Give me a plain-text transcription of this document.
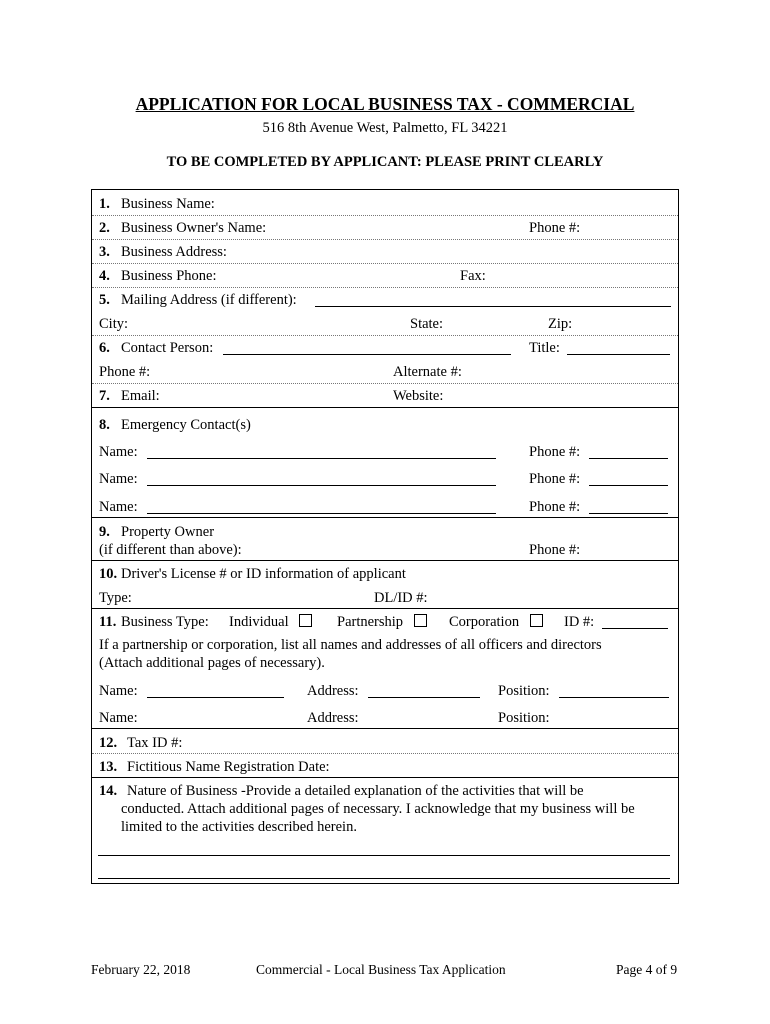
APPLICATION FOR LOCAL BUSINESS TAX - COMMERCIAL
516 8th Avenue West, Palmetto, FL 34221
TO BE COMPLETED BY APPLICANT: PLEASE PRINT CLEARLY
1. Business Name:
2. Business Owner's Name:	Phone #:
3. Business Address:
4. Business Phone:	Fax:
5. Mailing Address (if different):
City:	State:	Zip:
6. Contact Person:	Title:
Phone #:	Alternate #:
7. Email:	Website:
8. Emergency Contact(s)
Name:	Phone #:
Name:	Phone #:
Name:	Phone #:
9. Property Owner
(if different than above):	Phone #:
10. Driver's License # or ID information of applicant
Type:	DL/ID #:
11. Business Type: Individual	Partnership	Corporation	ID #:
If a partnership or corporation, list all names and addresses of all officers and directors
(Attach additional pages of necessary).
Name:	Address:	Position:
Name:	Address:	Position:
12. Tax ID #:
13. Fictitious Name Registration Date:
14. Nature of Business -Provide a detailed explanation of the activities that will be
conducted. Attach additional pages of necessary. I acknowledge that my business will be
limited to the activities described herein.
February 22, 2018	Commercial - Local Business Tax Application	Page 4 of 9
